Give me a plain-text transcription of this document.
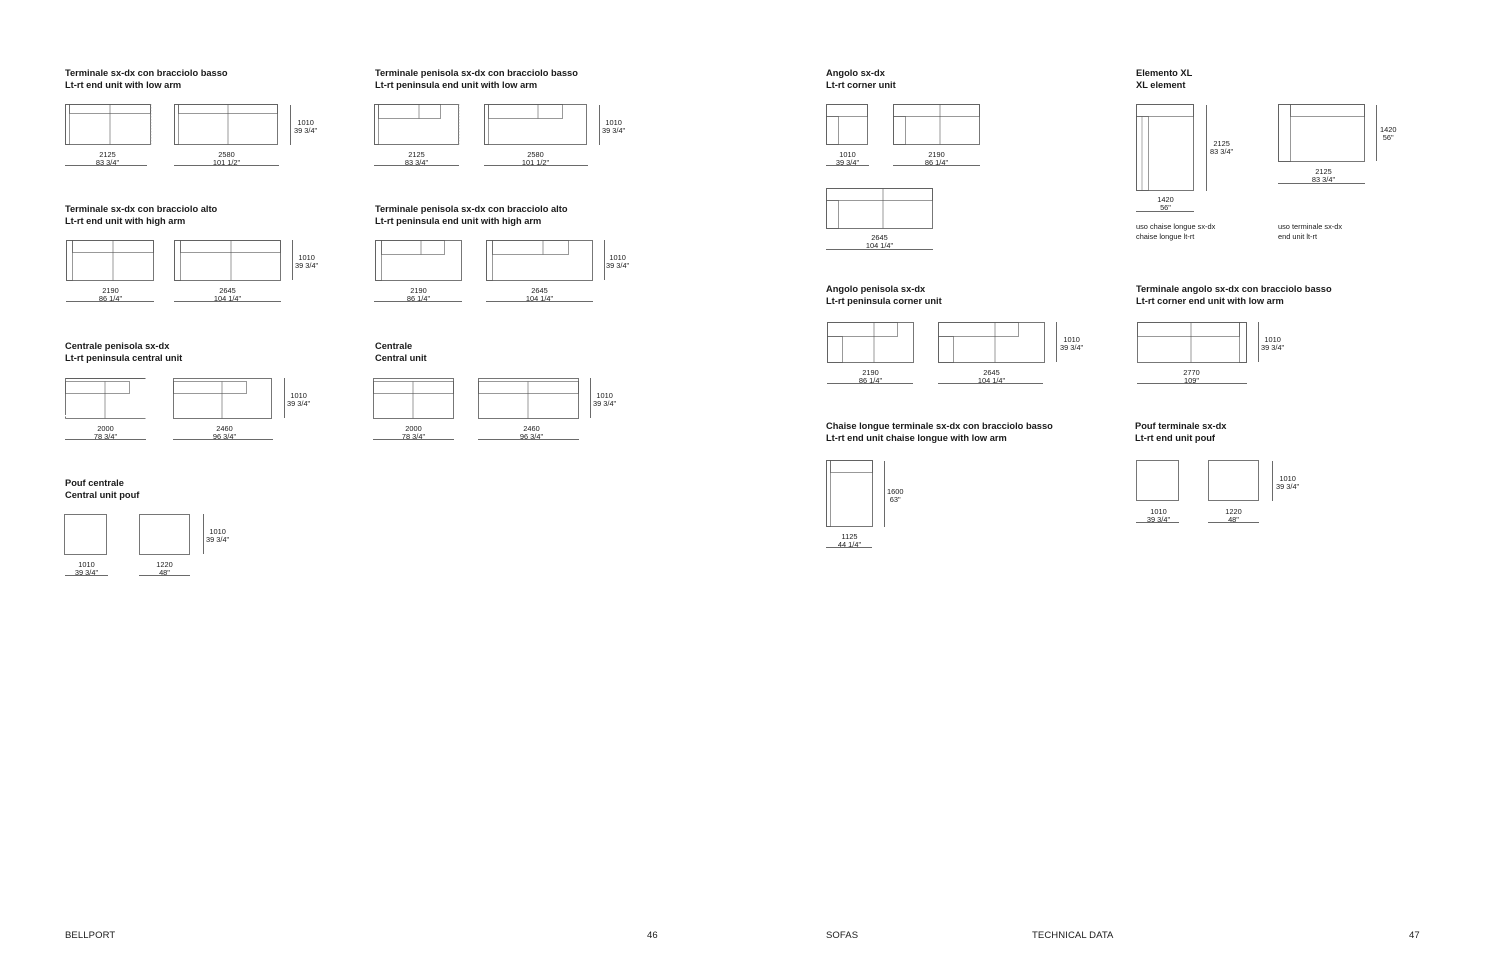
Terminale sx-dx con bracciolo basso
Lt-rt end unit with low arm
2125
83 3/4"
2580
101 1/2"
1010
39 3/4"
Terminale penisola sx-dx con bracciolo basso
Lt-rt peninsula end unit with low arm
2125
83 3/4"
2580
101 1/2"
1010
39 3/4"
Terminale sx-dx con bracciolo alto
Lt-rt end unit with high arm
2190
86 1/4"
2645
104 1/4"
1010
39 3/4"
Terminale penisola sx-dx con bracciolo alto
Lt-rt peninsula end unit with high arm
2190
86 1/4"
2645
104 1/4"
1010
39 3/4"
Centrale penisola sx-dx
Lt-rt peninsula central unit
2000
78 3/4"
2460
96 3/4"
1010
39 3/4"
Centrale
Central unit
2000
78 3/4"
2460
96 3/4"
1010
39 3/4"
Pouf centrale
Central unit pouf
1010
39 3/4"
1220
48"
1010
39 3/4"
Angolo sx-dx
Lt-rt corner unit
1010
39 3/4"
2190
86 1/4"
2645
104 1/4"
Elemento XL
XL element
2125
83 3/4"
1420
56"
uso chaise longue sx-dx
chaise longue lt-rt
1420
56"
2125
83 3/4"
uso terminale sx-dx
end unit lt-rt
Angolo penisola sx-dx
Lt-rt peninsula corner unit
2190
86 1/4"
2645
104 1/4"
1010
39 3/4"
Terminale angolo sx-dx con bracciolo basso
Lt-rt corner end unit with low arm
2770
109"
1010
39 3/4"
Chaise longue terminale sx-dx con bracciolo basso
Lt-rt end unit chaise longue with low arm
1600
63"
1125
44 1/4"
Pouf terminale sx-dx
Lt-rt end unit pouf
1010
39 3/4"
1220
48"
1010
39 3/4"
BELLPORT	46	SOFAS	TECHNICAL DATA	47
